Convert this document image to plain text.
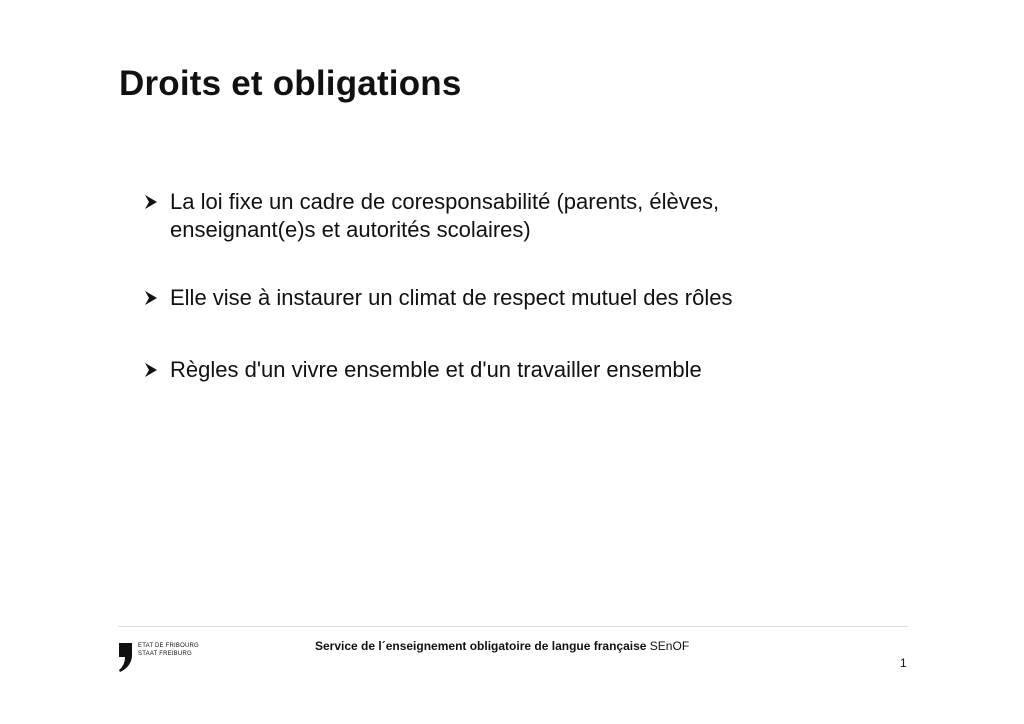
Droits et obligations
La loi fixe un cadre de coresponsabilité (parents, élèves,
enseignant(e)s et autorités scolaires)
Elle vise à instaurer un climat de respect mutuel des rôles
Règles d'un vivre ensemble et d'un travailler ensemble
ETAT DE FRIBOURG
STAAT FREIBURG
Service de l´enseignement obligatoire de langue française SEnOF
1
